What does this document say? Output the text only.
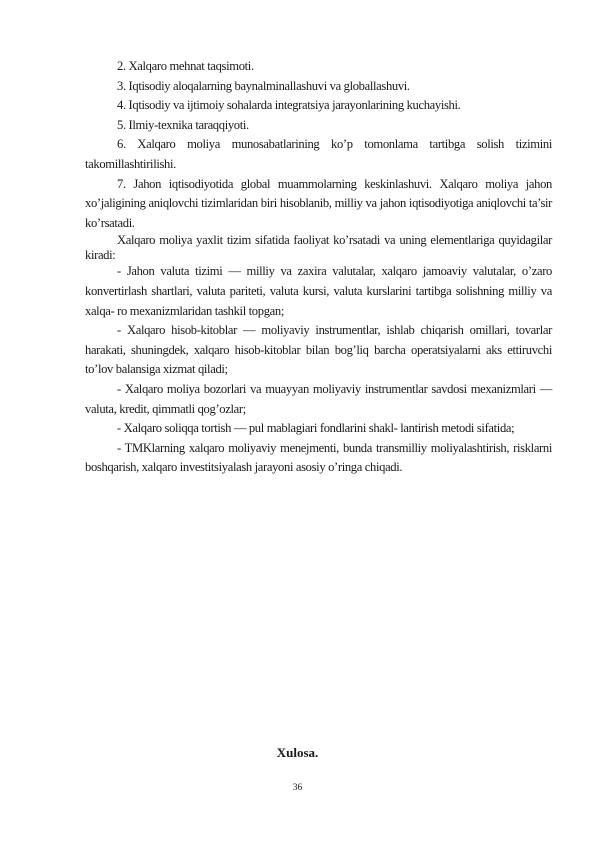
2. Xalqaro mehnat taqsimoti.

3. Iqtisodiy aloqalarning baynalminallashuvi va globallashuvi.

4. Iqtisodiy va ijtimoiy sohalarda integratsiya jarayonlarining kuchayishi.

5. Ilmiy-texnika taraqqiyoti.

6. Xalqaro moliya munosabatlarining ko’p tomonlama tartibga solish tizimini takomillashtirilishi.

7. Jahon iqtisodiyotida global muammolarning keskinlashuvi. Xalqaro moliya jahon xo’jaligining aniqlovchi tizimlaridan biri hisoblanib, milliy va jahon iqtisodiyotiga aniqlovchi ta’sir ko’rsatadi.

Xalqaro moliya yaxlit tizim sifatida faoliyat ko’rsatadi va uning elementlariga quyidagilar kiradi:

- Jahon valuta tizimi — milliy va zaxira valutalar, xalqaro jamoaviy valutalar, o’zaro konvertirlash shartlari, valuta pariteti, valuta kursi, valuta kurslarini tartibga solishning milliy va xalqa- ro mexanizmlaridan tashkil topgan;

- Xalqaro hisob-kitoblar — moliyaviy instrumentlar, ishlab chiqarish omillari, tovarlar harakati, shuningdek, xalqaro hisob-kitoblar bilan bog’liq barcha operatsiyalarni aks ettiruvchi to’lov balansiga xizmat qiladi;

- Xalqaro moliya bozorlari va muayyan moliyaviy instrumentlar savdosi mexanizmlari — valuta, kredit, qimmatli qog’ozlar;

- Xalqaro soliqqa tortish — pul mablagiari fondlarini shakl- lantirish metodi sifatida;

- TMKlarning xalqaro moliyaviy menejmenti, bunda transmilliy moliyalashtirish, risklarni boshqarish, xalqaro investitsiyalash jarayoni asosiy o’ringa chiqadi.

Xulosa.
36
